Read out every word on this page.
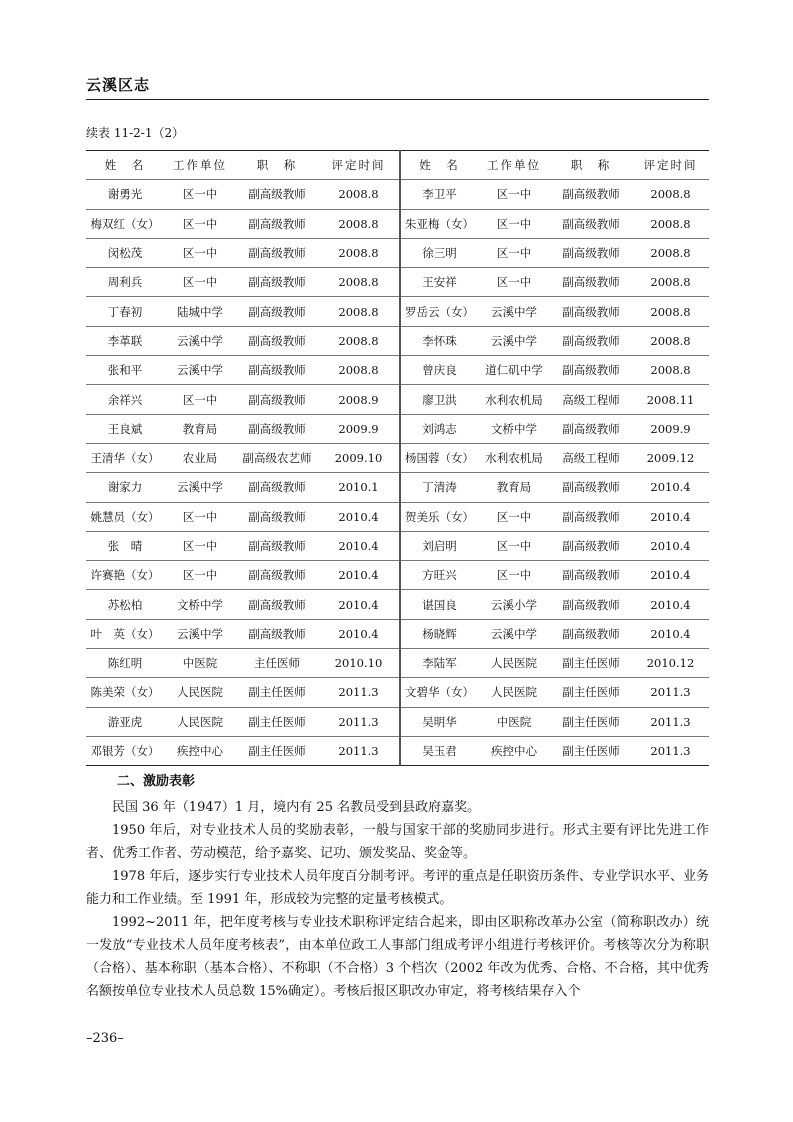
云溪区志
续表 11-2-1（2）
姓　名	工作单位	职　称	评定时间	姓　名	工作单位	职　称	评定时间
谢勇光	区一中	副高级教师	2008.8	李卫平	区一中	副高级教师	2008.8
梅双红（女）	区一中	副高级教师	2008.8	朱亚梅（女）	区一中	副高级教师	2008.8
闵松茂	区一中	副高级教师	2008.8	徐三明	区一中	副高级教师	2008.8
周利兵	区一中	副高级教师	2008.8	王安祥	区一中	副高级教师	2008.8
丁春初	陆城中学	副高级教师	2008.8	罗岳云（女）	云溪中学	副高级教师	2008.8
李革联	云溪中学	副高级教师	2008.8	李怀珠	云溪中学	副高级教师	2008.8
张和平	云溪中学	副高级教师	2008.8	曾庆良	道仁矶中学	副高级教师	2008.8
余祥兴	区一中	副高级教师	2008.9	廖卫洪	水利农机局	高级工程师	2008.11
王良斌	教育局	副高级教师	2009.9	刘鸿志	文桥中学	副高级教师	2009.9
王清华（女）	农业局	副高级农艺师	2009.10	杨国蓉（女）	水利农机局	高级工程师	2009.12
谢家力	云溪中学	副高级教师	2010.1	丁清涛	教育局	副高级教师	2010.4
姚慧员（女）	区一中	副高级教师	2010.4	贺美乐（女）	区一中	副高级教师	2010.4
张　晴	区一中	副高级教师	2010.4	刘启明	区一中	副高级教师	2010.4
许赛艳（女）	区一中	副高级教师	2010.4	方旺兴	区一中	副高级教师	2010.4
苏松柏	文桥中学	副高级教师	2010.4	谌国良	云溪小学	副高级教师	2010.4
叶　英（女）	云溪中学	副高级教师	2010.4	杨晓辉	云溪中学	副高级教师	2010.4
陈红明	中医院	主任医师	2010.10	李陆军	人民医院	副主任医师	2010.12
陈美荣（女）	人民医院	副主任医师	2011.3	文碧华（女）	人民医院	副主任医师	2011.3
游亚虎	人民医院	副主任医师	2011.3	吴明华	中医院	副主任医师	2011.3
邓银芳（女）	疾控中心	副主任医师	2011.3	吴玉君	疾控中心	副主任医师	2011.3
二、激励表彰

民国 36 年（1947）1 月，境内有 25 名教员受到县政府嘉奖。

1950 年后，对专业技术人员的奖励表彰，一般与国家干部的奖励同步进行。形式主要有评比先进工作者、优秀工作者、劳动模范，给予嘉奖、记功、颁发奖品、奖金等。

1978 年后，逐步实行专业技术人员年度百分制考评。考评的重点是任职资历条件、专业学识水平、业务能力和工作业绩。至 1991 年，形成较为完整的定量考核模式。

1992~2011 年，把年度考核与专业技术职称评定结合起来，即由区职称改革办公室（简称职改办）统一发放“专业技术人员年度考核表”，由本单位政工人事部门组成考评小组进行考核评价。考核等次分为称职（合格）、基本称职（基本合格）、不称职（不合格）3 个档次（2002 年改为优秀、合格、不合格，其中优秀名额按单位专业技术人员总数 15%确定）。考核后报区职改办审定，将考核结果存入个

–236–
